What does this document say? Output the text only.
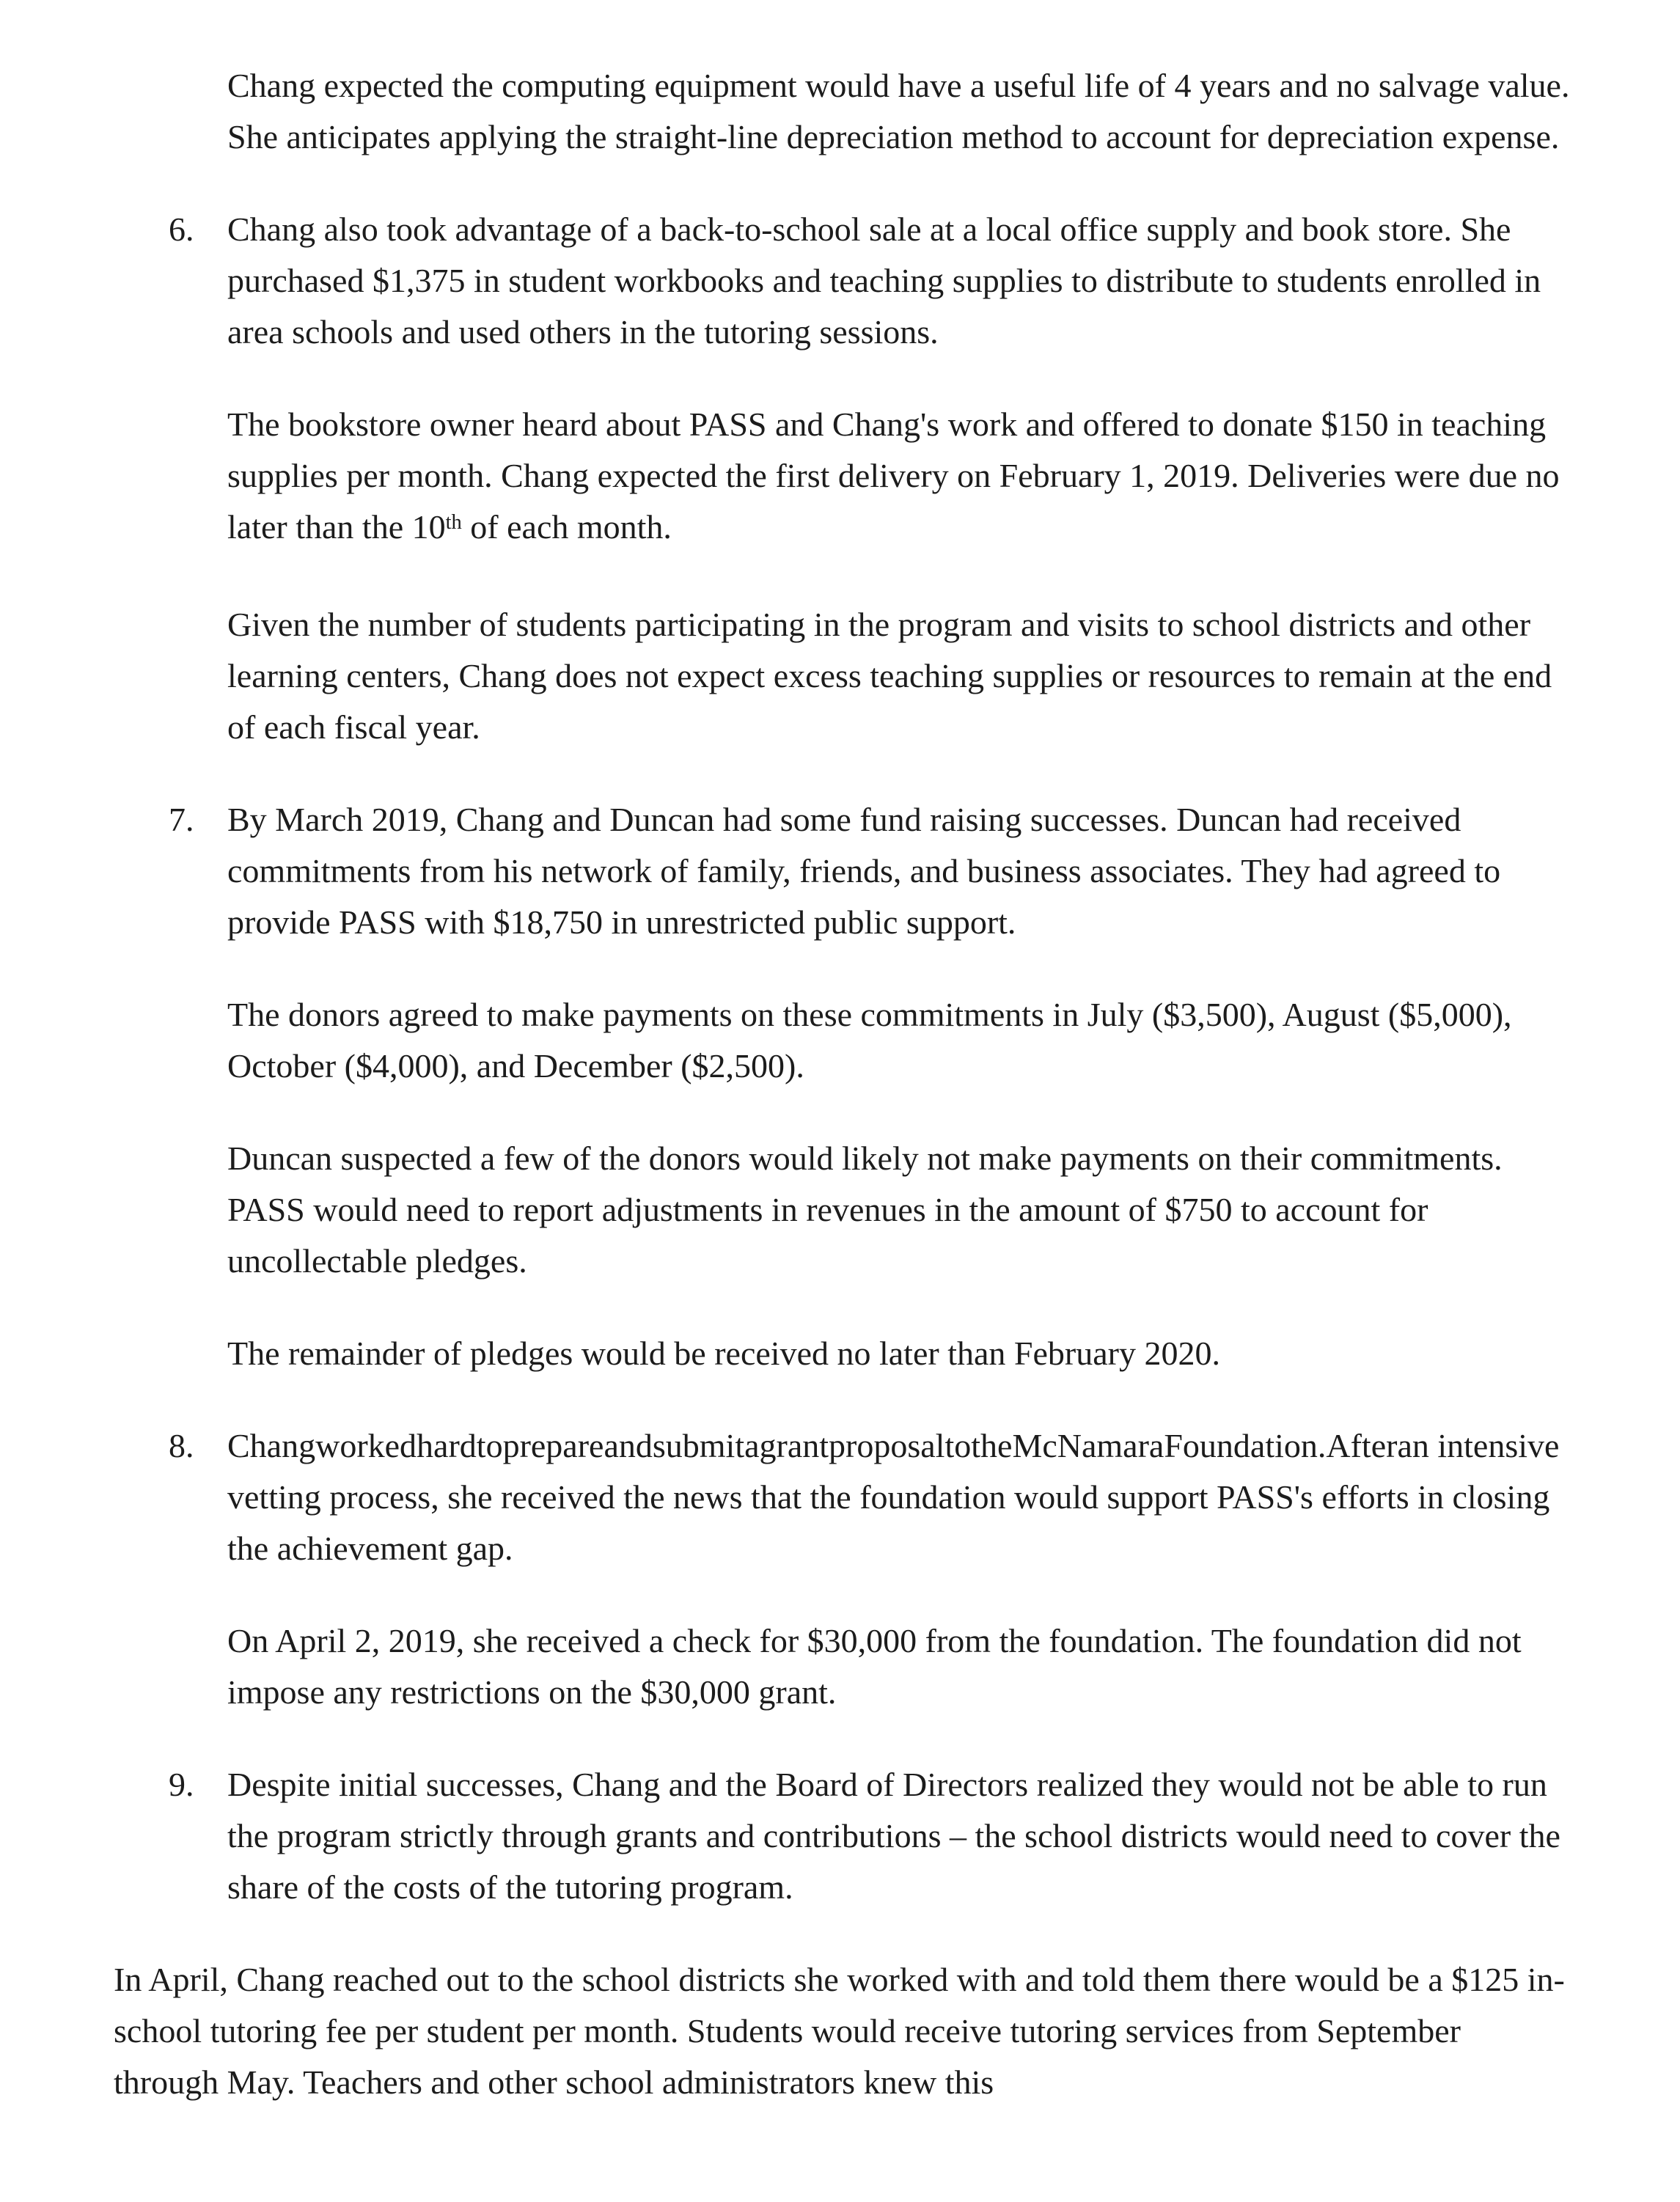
Chang expected the computing equipment would have a useful life of 4 years and no salvage value. She anticipates applying the straight-line depreciation method to account for depreciation expense.

6. Chang also took advantage of a back-to-school sale at a local office supply and book store. She purchased $1,375 in student workbooks and teaching supplies to distribute to students enrolled in area schools and used others in the tutoring sessions.

The bookstore owner heard about PASS and Chang's work and offered to donate $150 in teaching supplies per month. Chang expected the first delivery on February 1, 2019. Deliveries were due no later than the 10th of each month.

Given the number of students participating in the program and visits to school districts and other learning centers, Chang does not expect excess teaching supplies or resources to remain at the end of each fiscal year.

7. By March 2019, Chang and Duncan had some fund raising successes. Duncan had received commitments from his network of family, friends, and business associates. They had agreed to provide PASS with $18,750 in unrestricted public support.

The donors agreed to make payments on these commitments in July ($3,500), August ($5,000), October ($4,000), and December ($2,500).

Duncan suspected a few of the donors would likely not make payments on their commitments. PASS would need to report adjustments in revenues in the amount of $750 to account for uncollectable pledges.

The remainder of pledges would be received no later than February 2020.

8. ChangworkedhardtoprepareandsubmitagrantproposaltotheMcNamaraFoundation.Afteran intensive vetting process, she received the news that the foundation would support PASS's efforts in closing the achievement gap.

On April 2, 2019, she received a check for $30,000 from the foundation. The foundation did not impose any restrictions on the $30,000 grant.

9. Despite initial successes, Chang and the Board of Directors realized they would not be able to run the program strictly through grants and contributions – the school districts would need to cover the share of the costs of the tutoring program.

In April, Chang reached out to the school districts she worked with and told them there would be a $125 in-school tutoring fee per student per month. Students would receive tutoring services from September through May. Teachers and other school administrators knew this
